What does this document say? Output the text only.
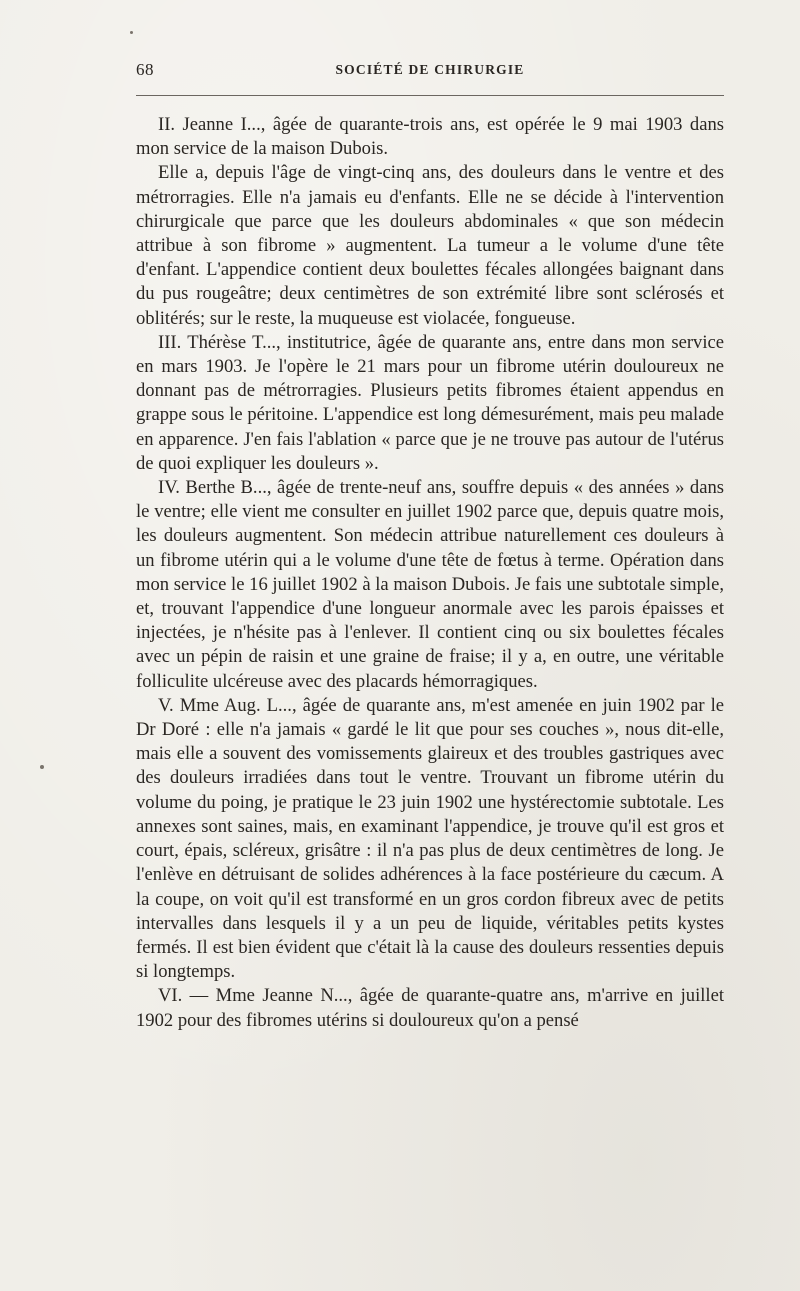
68	SOCIÉTÉ DE CHIRURGIE

II. Jeanne I..., âgée de quarante-trois ans, est opérée le 9 mai 1903 dans mon service de la maison Dubois.

Elle a, depuis l'âge de vingt-cinq ans, des douleurs dans le ventre et des métrorragies. Elle n'a jamais eu d'enfants. Elle ne se décide à l'intervention chirurgicale que parce que les douleurs abdominales « que son médecin attribue à son fibrome » augmentent. La tumeur a le volume d'une tête d'enfant. L'appendice contient deux boulettes fécales allongées baignant dans du pus rougeâtre; deux centimètres de son extrémité libre sont sclérosés et oblitérés; sur le reste, la muqueuse est violacée, fongueuse.

III. Thérèse T..., institutrice, âgée de quarante ans, entre dans mon service en mars 1903. Je l'opère le 21 mars pour un fibrome utérin douloureux ne donnant pas de métrorragies. Plusieurs petits fibromes étaient appendus en grappe sous le péritoine. L'appendice est long démesurément, mais peu malade en apparence. J'en fais l'ablation « parce que je ne trouve pas autour de l'utérus de quoi expliquer les douleurs ».

IV. Berthe B..., âgée de trente-neuf ans, souffre depuis « des années » dans le ventre; elle vient me consulter en juillet 1902 parce que, depuis quatre mois, les douleurs augmentent. Son médecin attribue naturellement ces douleurs à un fibrome utérin qui a le volume d'une tête de fœtus à terme. Opération dans mon service le 16 juillet 1902 à la maison Dubois. Je fais une subtotale simple, et, trouvant l'appendice d'une longueur anormale avec les parois épaisses et injectées, je n'hésite pas à l'enlever. Il contient cinq ou six boulettes fécales avec un pépin de raisin et une graine de fraise; il y a, en outre, une véritable folliculite ulcéreuse avec des placards hémorragiques.

V. Mme Aug. L..., âgée de quarante ans, m'est amenée en juin 1902 par le Dr Doré : elle n'a jamais « gardé le lit que pour ses couches », nous dit-elle, mais elle a souvent des vomissements glaireux et des troubles gastriques avec des douleurs irradiées dans tout le ventre. Trouvant un fibrome utérin du volume du poing, je pratique le 23 juin 1902 une hystérectomie subtotale. Les annexes sont saines, mais, en examinant l'appendice, je trouve qu'il est gros et court, épais, scléreux, grisâtre : il n'a pas plus de deux centimètres de long. Je l'enlève en détruisant de solides adhérences à la face postérieure du cæcum. A la coupe, on voit qu'il est transformé en un gros cordon fibreux avec de petits intervalles dans lesquels il y a un peu de liquide, véritables petits kystes fermés. Il est bien évident que c'était là la cause des douleurs ressenties depuis si longtemps.

VI. — Mme Jeanne N..., âgée de quarante-quatre ans, m'arrive en juillet 1902 pour des fibromes utérins si douloureux qu'on a pensé
